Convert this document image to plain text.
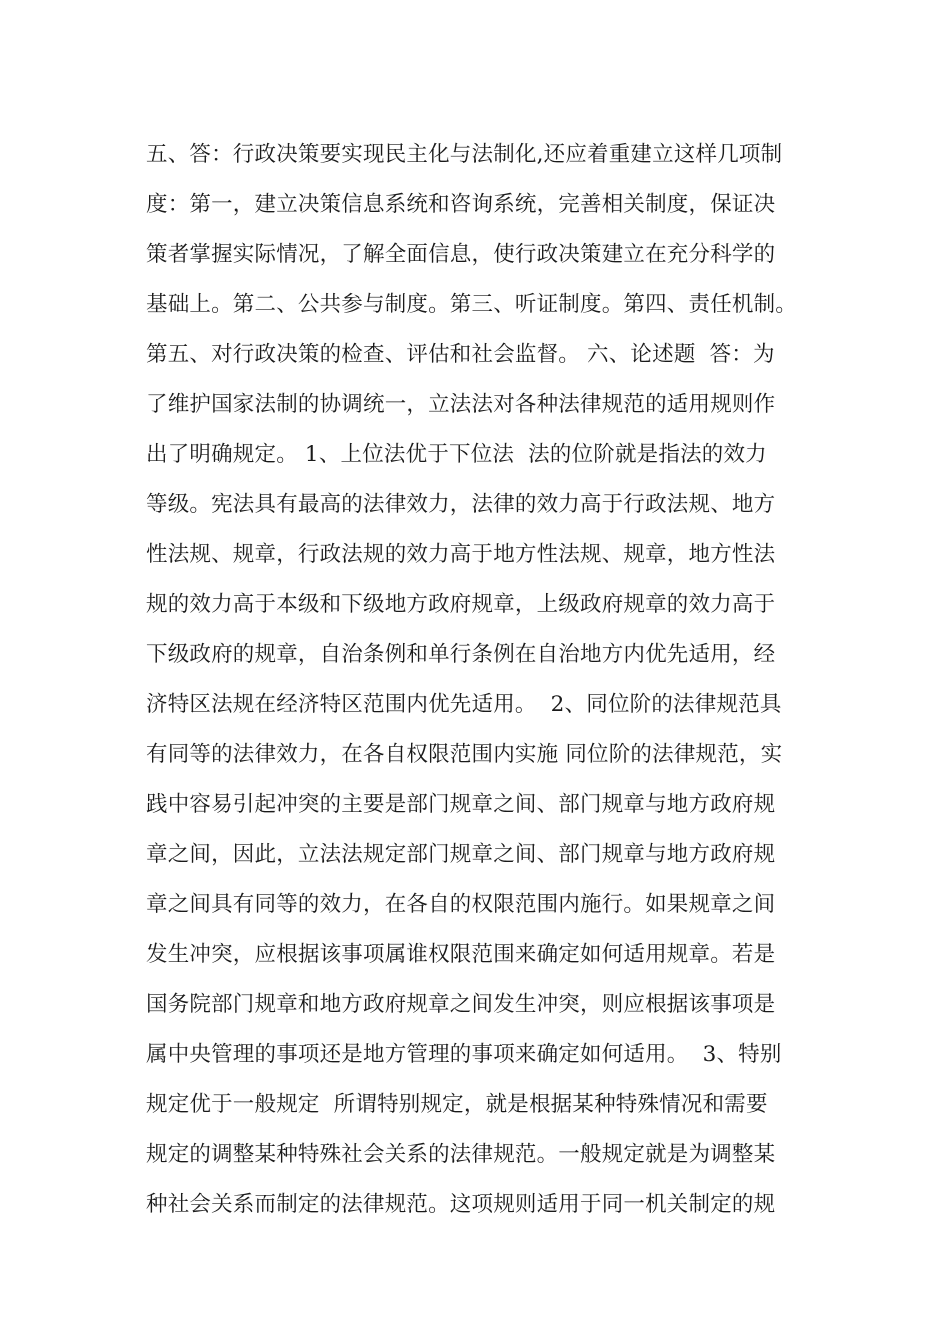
五、答：行政决策要实现民主化与法制化,还应着重建立这样几项制
度：第一，建立决策信息系统和咨询系统，完善相关制度，保证决
策者掌握实际情况，了解全面信息，使行政决策建立在充分科学的
基础上。第二、公共参与制度。第三、听证制度。第四、责任机制。
第五、对行政决策的检查、评估和社会监督。 六、论述题  答：为
了维护国家法制的协调统一，立法法对各种法律规范的适用规则作
出了明确规定。 1、上位法优于下位法  法的位阶就是指法的效力
等级。宪法具有最高的法律效力，法律的效力高于行政法规、地方
性法规、规章，行政法规的效力高于地方性法规、规章，地方性法
规的效力高于本级和下级地方政府规章，上级政府规章的效力高于
下级政府的规章，自治条例和单行条例在自治地方内优先适用，经
济特区法规在经济特区范围内优先适用。  2、同位阶的法律规范具
有同等的法律效力，在各自权限范围内实施 同位阶的法律规范，实
践中容易引起冲突的主要是部门规章之间、部门规章与地方政府规
章之间，因此，立法法规定部门规章之间、部门规章与地方政府规
章之间具有同等的效力，在各自的权限范围内施行。如果规章之间
发生冲突，应根据该事项属谁权限范围来确定如何适用规章。若是
国务院部门规章和地方政府规章之间发生冲突，则应根据该事项是
属中央管理的事项还是地方管理的事项来确定如何适用。  3、特别
规定优于一般规定  所谓特别规定，就是根据某种特殊情况和需要
规定的调整某种特殊社会关系的法律规范。一般规定就是为调整某
种社会关系而制定的法律规范。这项规则适用于同一机关制定的规
